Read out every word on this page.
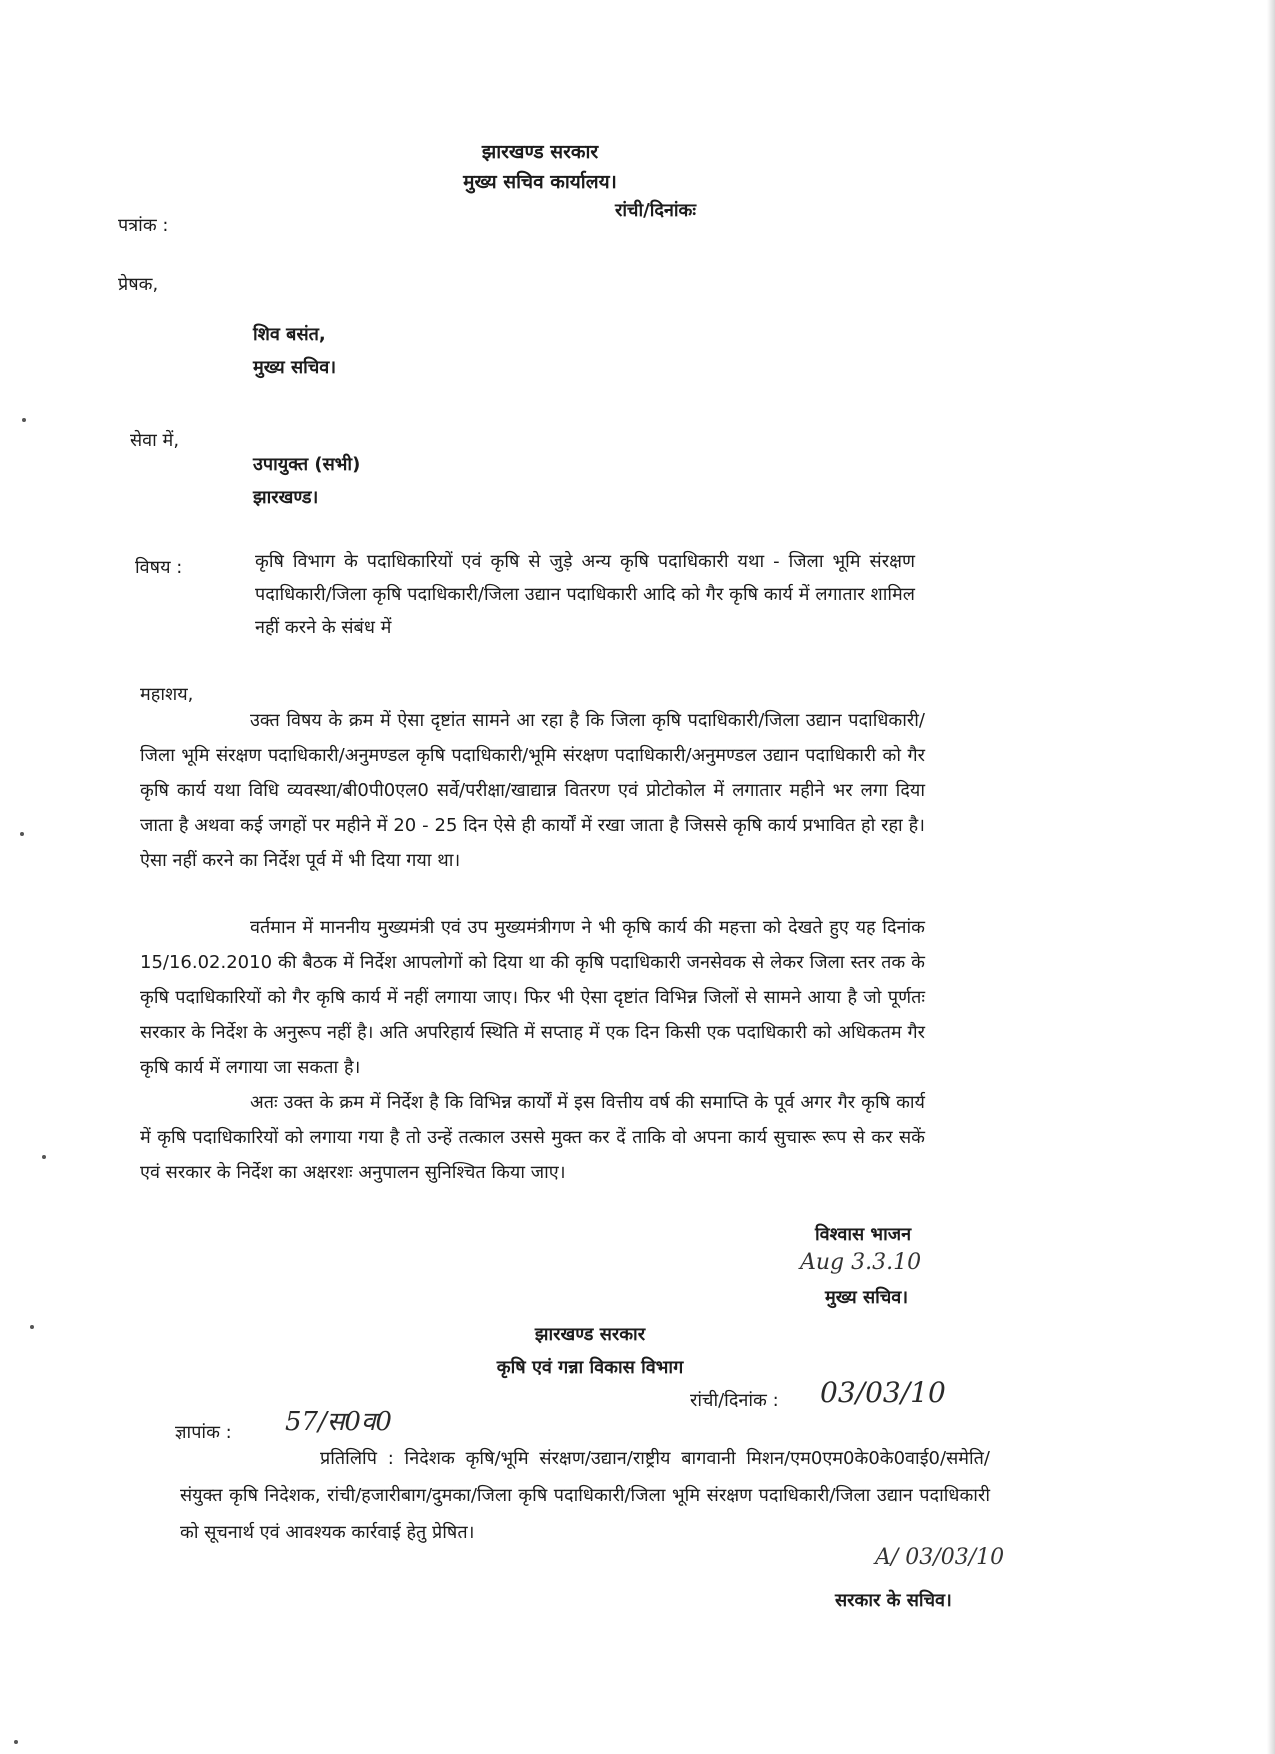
झारखण्ड सरकार
मुख्य सचिव कार्यालय।
रांची/दिनांकः
पत्रांक :
प्रेषक,
शिव बसंत,
मुख्य सचिव।
सेवा में,
उपायुक्त (सभी)
झारखण्ड।
विषय :	कृषि विभाग के पदाधिकारियों एवं कृषि से जुड़े अन्य कृषि पदाधिकारी यथा - जिला भूमि संरक्षण पदाधिकारी/जिला कृषि पदाधिकारी/जिला उद्यान पदाधिकारी आदि को गैर कृषि कार्य में लगातार शामिल नहीं करने के संबंध में
महाशय,
उक्त विषय के क्रम में ऐसा दृष्टांत सामने आ रहा है कि जिला कृषि पदाधिकारी/जिला उद्यान पदाधिकारी/जिला भूमि संरक्षण पदाधिकारी/अनुमण्डल कृषि पदाधिकारी/भूमि संरक्षण पदाधिकारी/अनुमण्डल उद्यान पदाधिकारी को गैर कृषि कार्य यथा विधि व्यवस्था/बी0पी0एल0 सर्वे/परीक्षा/खाद्यान्न वितरण एवं प्रोटोकोल में लगातार महीने भर लगा दिया जाता है अथवा कई जगहों पर महीने में 20 - 25 दिन ऐसे ही कार्यों में रखा जाता है जिससे कृषि कार्य प्रभावित हो रहा है। ऐसा नहीं करने का निर्देश पूर्व में भी दिया गया था।
वर्तमान में माननीय मुख्यमंत्री एवं उप मुख्यमंत्रीगण ने भी कृषि कार्य की महत्ता को देखते हुए यह दिनांक 15/16.02.2010 की बैठक में निर्देश आपलोगों को दिया था की कृषि पदाधिकारी जनसेवक से लेकर जिला स्तर तक के कृषि पदाधिकारियों को गैर कृषि कार्य में नहीं लगाया जाए। फिर भी ऐसा दृष्टांत विभिन्न जिलों से सामने आया है जो पूर्णतः सरकार के निर्देश के अनुरूप नहीं है। अति अपरिहार्य स्थिति में सप्ताह में एक दिन किसी एक पदाधिकारी को अधिकतम गैर कृषि कार्य में लगाया जा सकता है।
अतः उक्त के क्रम में निर्देश है कि विभिन्न कार्यों में इस वित्तीय वर्ष की समाप्ति के पूर्व अगर गैर कृषि कार्य में कृषि पदाधिकारियों को लगाया गया है तो उन्हें तत्काल उससे मुक्त कर दें ताकि वो अपना कार्य सुचारू रूप से कर सकें एवं सरकार के निर्देश का अक्षरशः अनुपालन सुनिश्चित किया जाए।
विश्वास भाजन
Aug 3.3.10
मुख्य सचिव।
झारखण्ड सरकार
कृषि एवं गन्ना विकास विभाग
रांची/दिनांक : 03/03/10
ज्ञापांक : 57/स0व0
प्रतिलिपि : निदेशक कृषि/भूमि संरक्षण/उद्यान/राष्ट्रीय बागवानी मिशन/एम0एम0के0के0वाई0/समेति/संयुक्त कृषि निदेशक, रांची/हजारीबाग/दुमका/जिला कृषि पदाधिकारी/जिला भूमि संरक्षण पदाधिकारी/जिला उद्यान पदाधिकारी को सूचनार्थ एवं आवश्यक कार्रवाई हेतु प्रेषित।
A/ 03/03/10
सरकार के सचिव।
